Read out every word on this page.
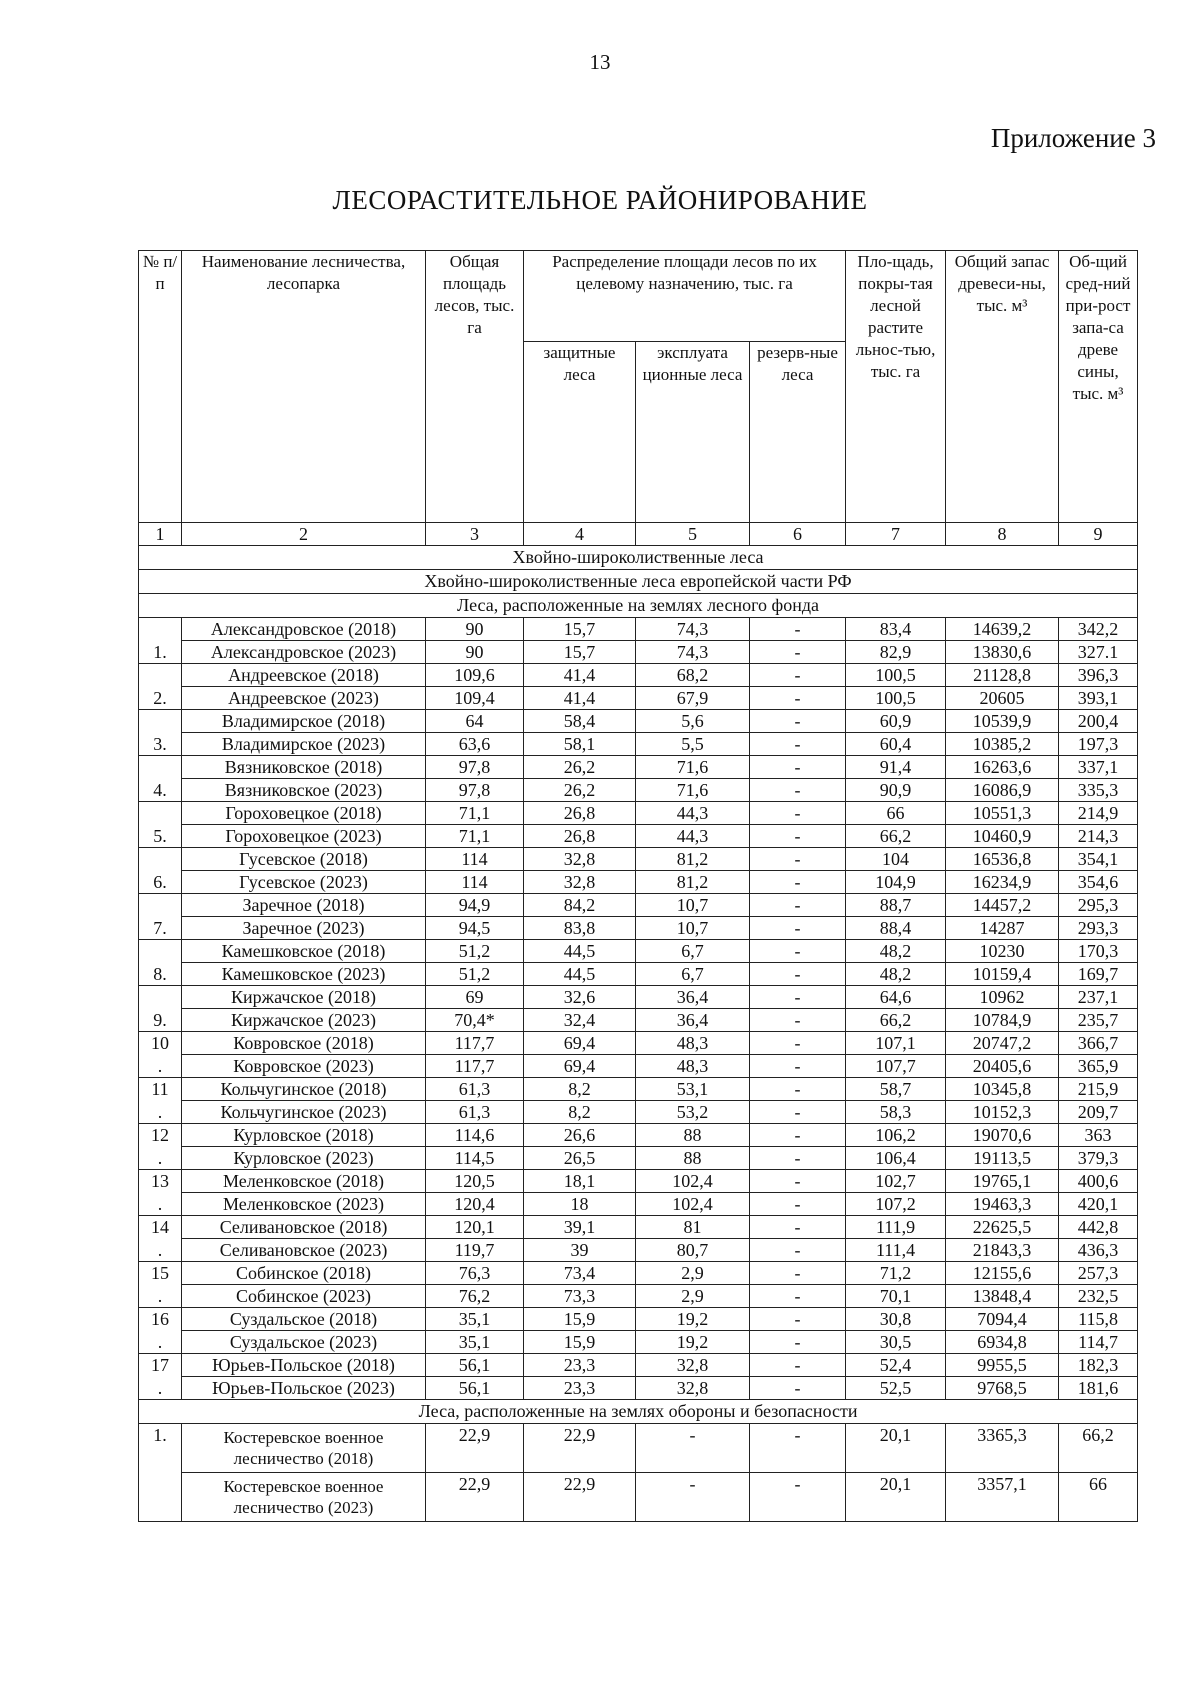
13
Приложение 3
ЛЕСОРАСТИТЕЛЬНОЕ РАЙОНИРОВАНИЕ
№ п/п	Наименование лесничества, лесопарка	Общая площадь лесов, тыс. га	Распределение площади лесов по их целевому назначению, тыс. га			Пло-щадь, покры-тая лесной растите льнос-тью, тыс. га	Общий запас древеси-ны, тыс. м³	Об-щий сред-ний при-рост запа-са древе сины, тыс. м³
			защитные леса	эксплуата ционные леса	резерв-ные леса			
1	2	3	4	5	6	7	8	9
Хвойно-широколиственные леса								
Хвойно-широколиственные леса европейской части РФ								
Леса, расположенные на землях лесного фонда								
	Александровское (2018)	90	15,7	74,3	-	83,4	14639,2	342,2
1.	Александровское (2023)	90	15,7	74,3	-	82,9	13830,6	327.1
	Андреевское (2018)	109,6	41,4	68,2	-	100,5	21128,8	396,3
2.	Андреевское (2023)	109,4	41,4	67,9	-	100,5	20605	393,1
	Владимирское (2018)	64	58,4	5,6	-	60,9	10539,9	200,4
3.	Владимирское (2023)	63,6	58,1	5,5	-	60,4	10385,2	197,3
	Вязниковское (2018)	97,8	26,2	71,6	-	91,4	16263,6	337,1
4.	Вязниковское (2023)	97,8	26,2	71,6	-	90,9	16086,9	335,3
	Гороховецкое (2018)	71,1	26,8	44,3	-	66	10551,3	214,9
5.	Гороховецкое (2023)	71,1	26,8	44,3	-	66,2	10460,9	214,3
	Гусевское (2018)	114	32,8	81,2	-	104	16536,8	354,1
6.	Гусевское (2023)	114	32,8	81,2	-	104,9	16234,9	354,6
	Заречное (2018)	94,9	84,2	10,7	-	88,7	14457,2	295,3
7.	Заречное (2023)	94,5	83,8	10,7	-	88,4	14287	293,3
	Камешковское (2018)	51,2	44,5	6,7	-	48,2	10230	170,3
8.	Камешковское (2023)	51,2	44,5	6,7	-	48,2	10159,4	169,7
	Киржачское (2018)	69	32,6	36,4	-	64,6	10962	237,1
9.	Киржачское (2023)	70,4*	32,4	36,4	-	66,2	10784,9	235,7
10	Ковровское (2018)	117,7	69,4	48,3	-	107,1	20747,2	366,7
.	Ковровское (2023)	117,7	69,4	48,3	-	107,7	20405,6	365,9
11	Кольчугинское (2018)	61,3	8,2	53,1	-	58,7	10345,8	215,9
.	Кольчугинское (2023)	61,3	8,2	53,2	-	58,3	10152,3	209,7
12	Курловское (2018)	114,6	26,6	88	-	106,2	19070,6	363
.	Курловское (2023)	114,5	26,5	88	-	106,4	19113,5	379,3
13	Меленковское (2018)	120,5	18,1	102,4	-	102,7	19765,1	400,6
.	Меленковское (2023)	120,4	18	102,4	-	107,2	19463,3	420,1
14	Селивановское (2018)	120,1	39,1	81	-	111,9	22625,5	442,8
.	Селивановское (2023)	119,7	39	80,7	-	111,4	21843,3	436,3
15	Собинское (2018)	76,3	73,4	2,9	-	71,2	12155,6	257,3
.	Собинское (2023)	76,2	73,3	2,9	-	70,1	13848,4	232,5
16	Суздальское (2018)	35,1	15,9	19,2	-	30,8	7094,4	115,8
.	Суздальское (2023)	35,1	15,9	19,2	-	30,5	6934,8	114,7
17	Юрьев-Польское (2018)	56,1	23,3	32,8	-	52,4	9955,5	182,3
.	Юрьев-Польское (2023)	56,1	23,3	32,8	-	52,5	9768,5	181,6
Леса, расположенные на землях обороны и безопасности								
1.	Костеревское военное лесничество (2018)	22,9	22,9	-	-	20,1	3365,3	66,2
	Костеревское военное лесничество (2023)	22,9	22,9	-	-	20,1	3357,1	66
